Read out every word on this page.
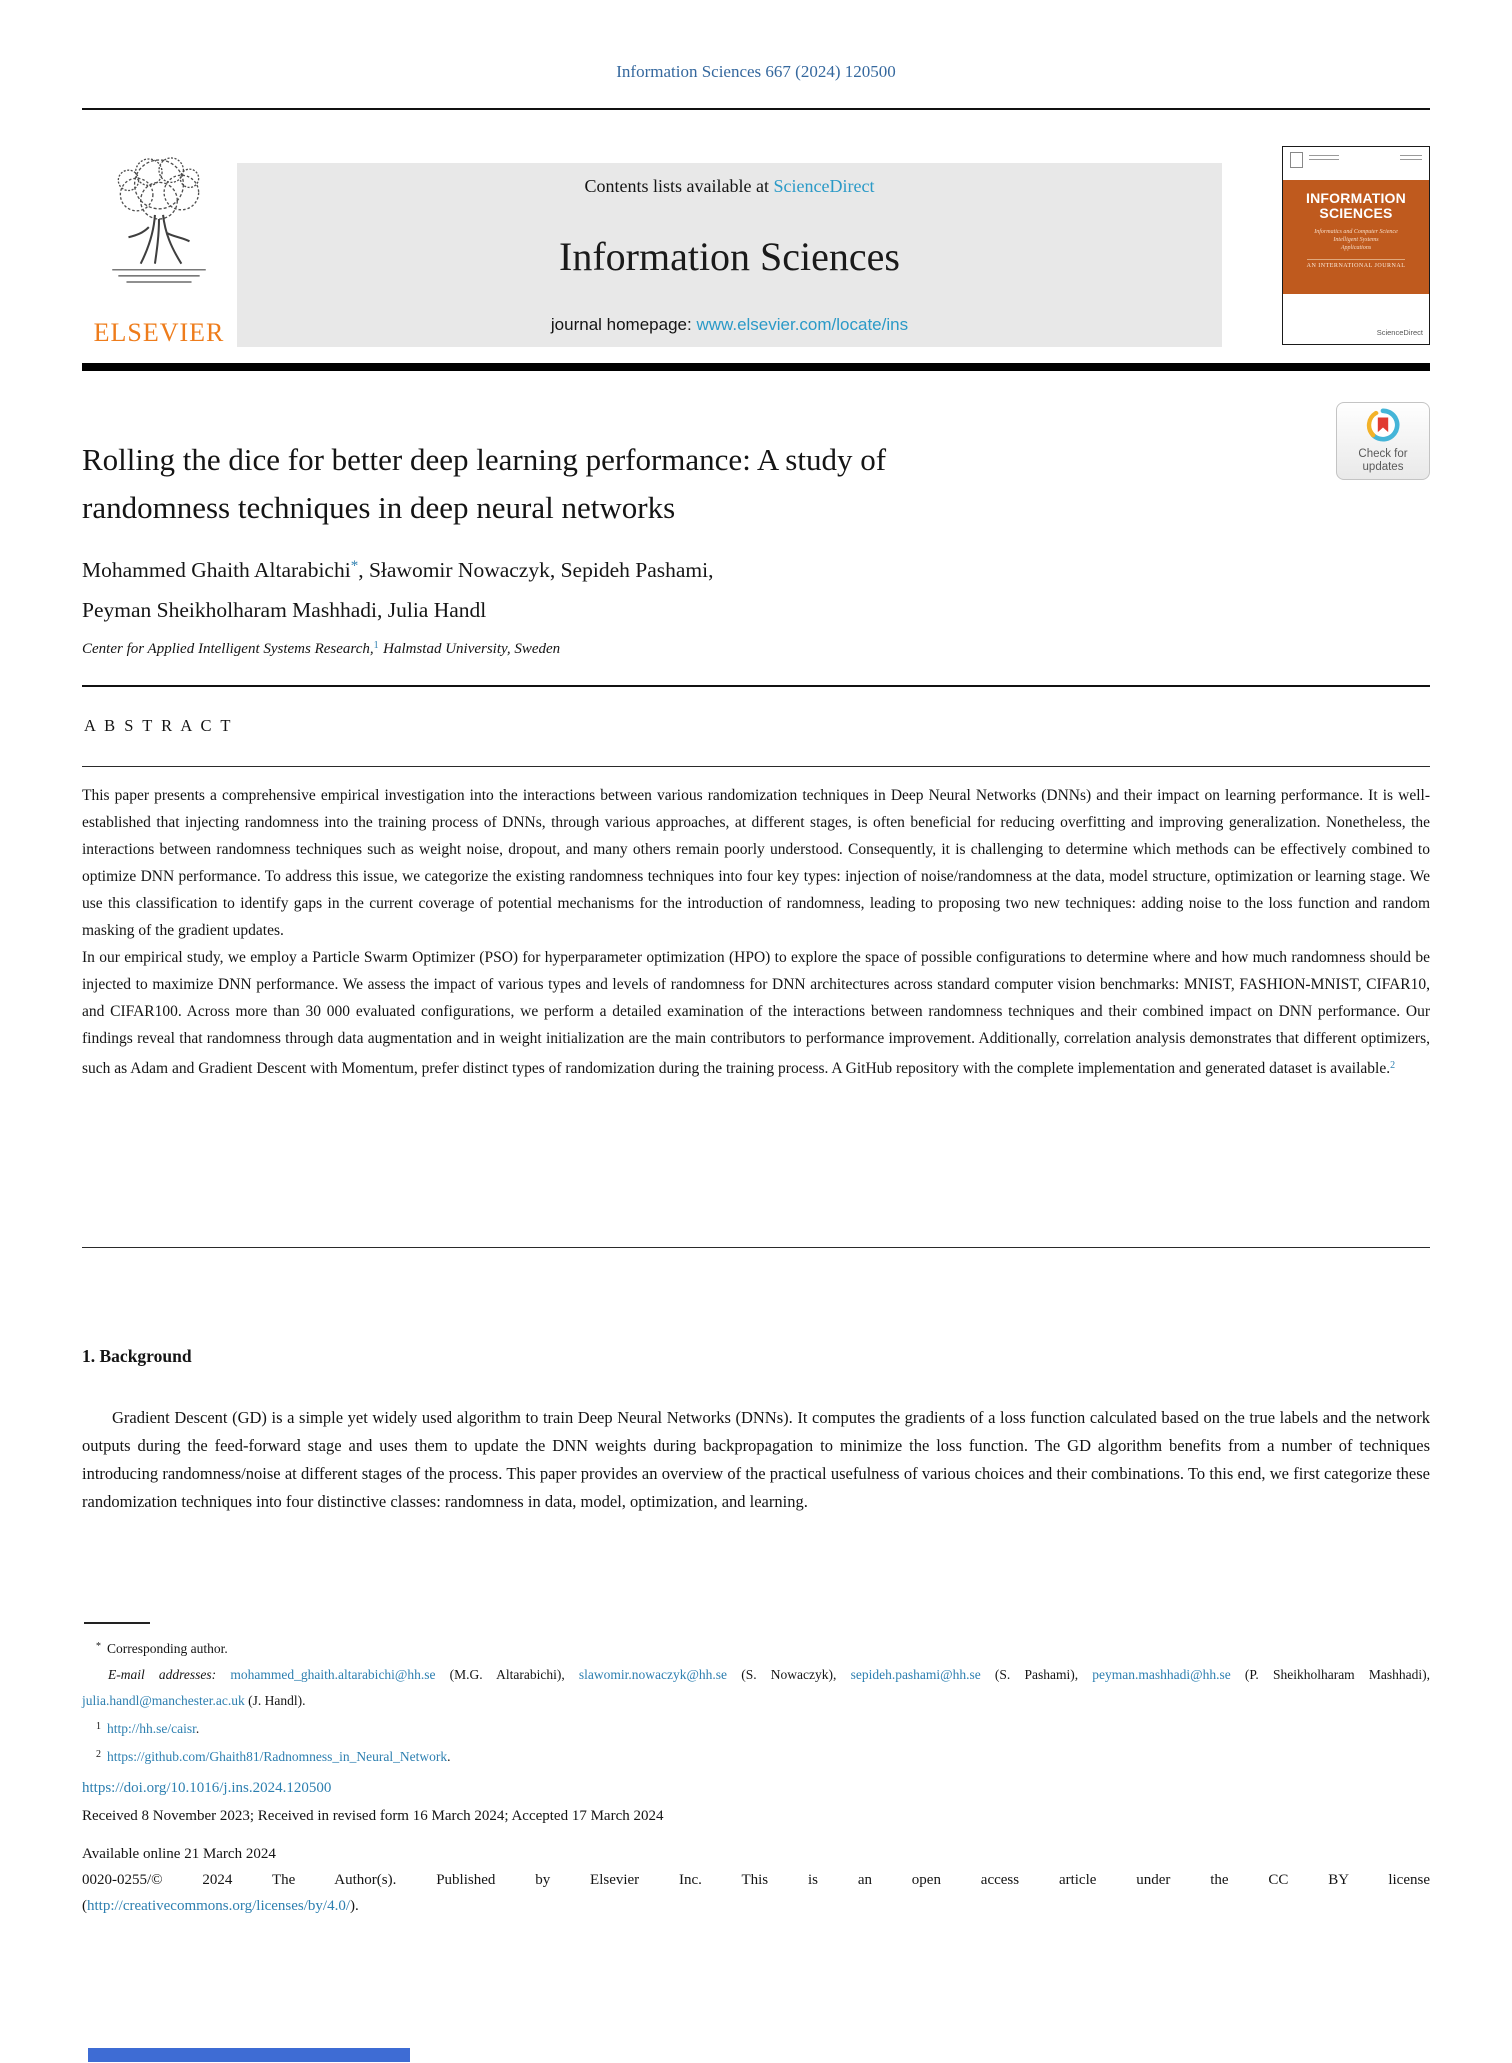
Information Sciences 667 (2024) 120500
ELSEVIER
Contents lists available at ScienceDirect
Information Sciences
journal homepage: www.elsevier.com/locate/ins
INFORMATION
SCIENCES
Informatics and Computer Science
Intelligent Systems
Applications
AN INTERNATIONAL JOURNAL
ScienceDirect
Check for
updates
Rolling the dice for better deep learning performance: A study of randomness techniques in deep neural networks
Mohammed Ghaith Altarabichi*, Sławomir Nowaczyk, Sepideh Pashami,
Peyman Sheikholharam Mashhadi, Julia Handl
Center for Applied Intelligent Systems Research,$^1$ Halmstad University, Sweden
A B S T R A C T
This paper presents a comprehensive empirical investigation into the interactions between various randomization techniques in Deep Neural Networks (DNNs) and their impact on learning performance. It is well-established that injecting randomness into the training process of DNNs, through various approaches, at different stages, is often beneficial for reducing overfitting and improving generalization. Nonetheless, the interactions between randomness techniques such as weight noise, dropout, and many others remain poorly understood. Consequently, it is challenging to determine which methods can be effectively combined to optimize DNN performance. To address this issue, we categorize the existing randomness techniques into four key types: injection of noise/randomness at the data, model structure, optimization or learning stage. We use this classification to identify gaps in the current coverage of potential mechanisms for the introduction of randomness, leading to proposing two new techniques: adding noise to the loss function and random masking of the gradient updates.
In our empirical study, we employ a Particle Swarm Optimizer (PSO) for hyperparameter optimization (HPO) to explore the space of possible configurations to determine where and how much randomness should be injected to maximize DNN performance. We assess the impact of various types and levels of randomness for DNN architectures across standard computer vision benchmarks: MNIST, FASHION-MNIST, CIFAR10, and CIFAR100. Across more than 30 000 evaluated configurations, we perform a detailed examination of the interactions between randomness techniques and their combined impact on DNN performance. Our findings reveal that randomness through data augmentation and in weight initialization are the main contributors to performance improvement. Additionally, correlation analysis demonstrates that different optimizers, such as Adam and Gradient Descent with Momentum, prefer distinct types of randomization during the training process. A GitHub repository with the complete implementation and generated dataset is available.$^2$
1. Background
Gradient Descent (GD) is a simple yet widely used algorithm to train Deep Neural Networks (DNNs). It computes the gradients of a loss function calculated based on the true labels and the network outputs during the feed-forward stage and uses them to update the DNN weights during backpropagation to minimize the loss function. The GD algorithm benefits from a number of techniques introducing randomness/noise at different stages of the process. This paper provides an overview of the practical usefulness of various choices and their combinations. To this end, we first categorize these randomization techniques into four distinctive classes: randomness in data, model, optimization, and learning.
* Corresponding author.
E-mail addresses: mohammed_ghaith.altarabichi@hh.se (M.G. Altarabichi), slawomir.nowaczyk@hh.se (S. Nowaczyk), sepideh.pashami@hh.se (S. Pashami), peyman.mashhadi@hh.se (P. Sheikholharam Mashhadi), julia.handl@manchester.ac.uk (J. Handl).
$^1$ http://hh.se/caisr.
$^2$ https://github.com/Ghaith81/Radnomness_in_Neural_Network.
https://doi.org/10.1016/j.ins.2024.120500
Received 8 November 2023; Received in revised form 16 March 2024; Accepted 17 March 2024
Available online 21 March 2024
0020-0255/© 2024 The Author(s). Published by Elsevier Inc. This is an open access article under the CC BY license
(http://creativecommons.org/licenses/by/4.0/).
